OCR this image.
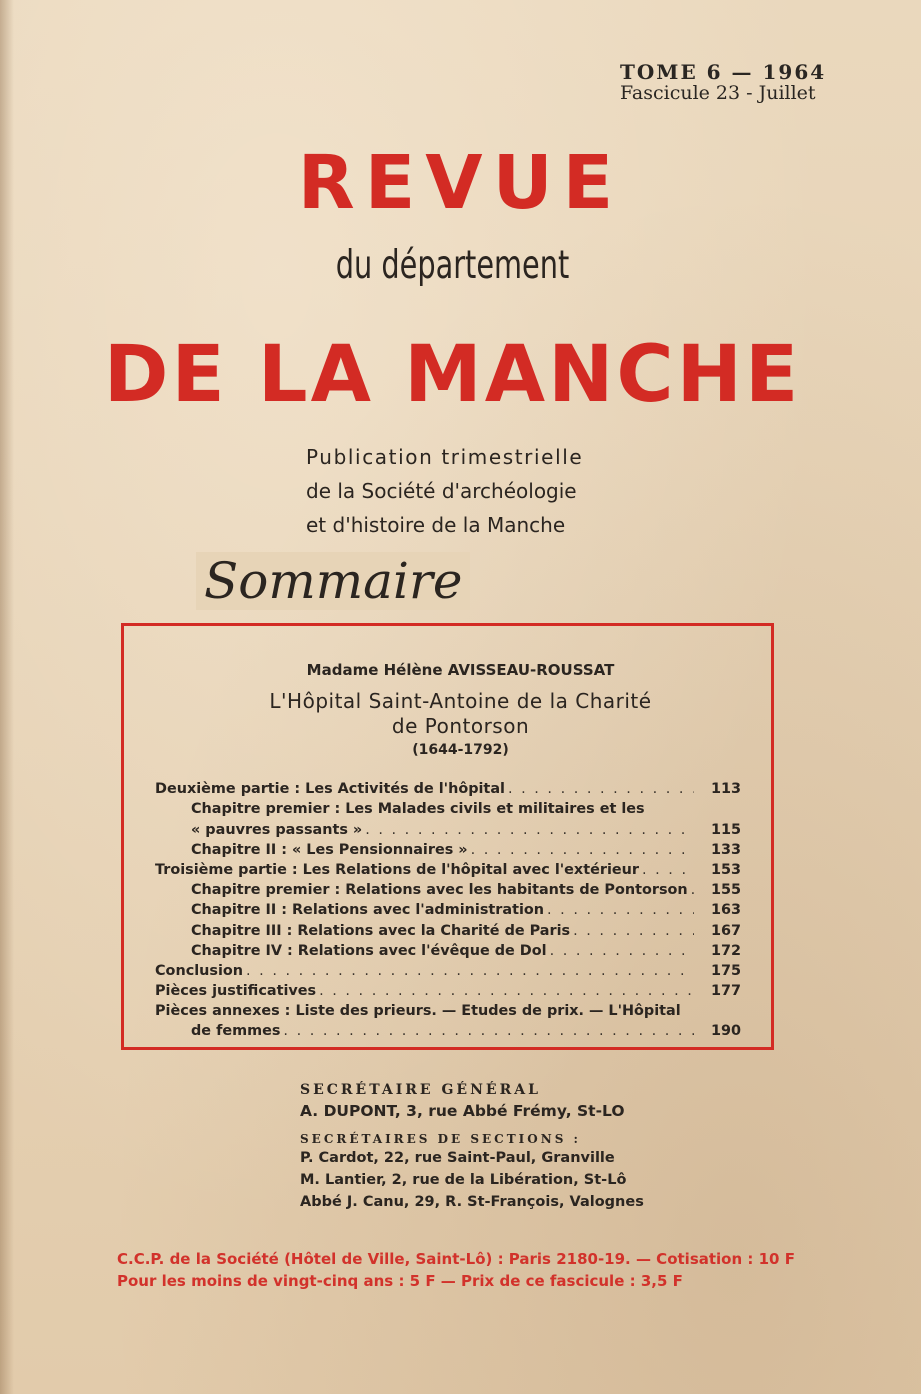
TOME 6 — 1964
Fascicule 23 - Juillet
REVUE
du département
DE LA MANCHE
Publication trimestrielle
de la Société d'archéologie
et d'histoire de la Manche
Sommaire
Madame Hélène AVISSEAU-ROUSSAT
L'Hôpital Saint-Antoine de la Charité
de Pontorson
(1644-1792)
Deuxième partie : Les Activités de l'hôpital . . .	113
Chapitre premier : Les Malades civils et militaires et les
« pauvres passants » . . .	115
Chapitre II : « Les Pensionnaires » . . .	133
Troisième partie : Les Relations de l'hôpital avec l'extérieur . . .	153
Chapitre premier : Relations avec les habitants de Pontorson . . .	155
Chapitre II : Relations avec l'administration . . .	163
Chapitre III : Relations avec la Charité de Paris . . .	167
Chapitre IV : Relations avec l'évêque de Dol . . .	172
Conclusion . . .	175
Pièces justificatives . . .	177
Pièces annexes : Liste des prieurs. — Etudes de prix. — L'Hôpital
de femmes . . .	190
SECRÉTAIRE GÉNÉRAL
A. DUPONT, 3, rue Abbé Frémy, St-LO
SECRÉTAIRES DE SECTIONS :
P. Cardot, 22, rue Saint-Paul, Granville
M. Lantier, 2, rue de la Libération, St-Lô
Abbé J. Canu, 29, R. St-François, Valognes
C.C.P. de la Société (Hôtel de Ville, Saint-Lô) : Paris 2180-19. — Cotisation : 10 F
Pour les moins de vingt-cinq ans : 5 F — Prix de ce fascicule : 3,5 F
